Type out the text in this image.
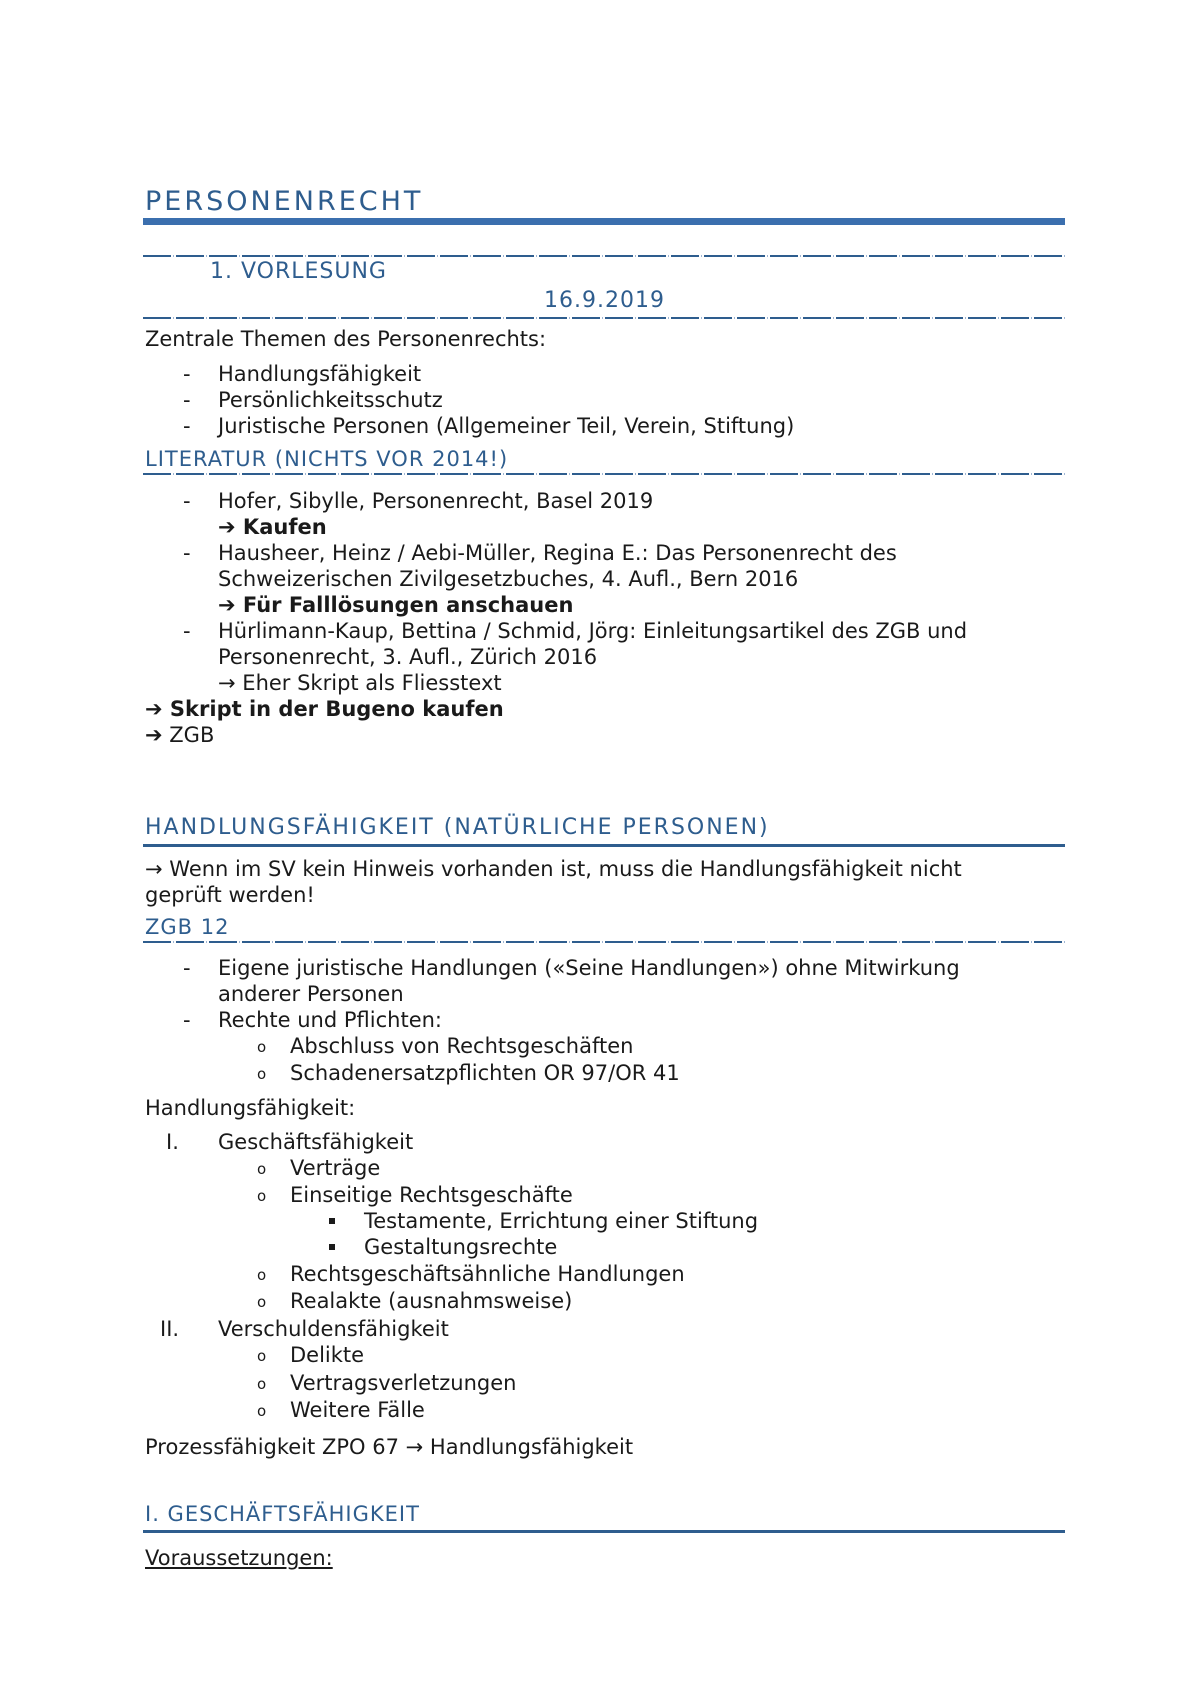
PERSONENRECHT
1. VORLESUNG
16.9.2019
Zentrale Themen des Personenrechts:
- Handlungsfähigkeit
- Persönlichkeitsschutz
- Juristische Personen (Allgemeiner Teil, Verein, Stiftung)
LITERATUR (NICHTS VOR 2014!)
- Hofer, Sibylle, Personenrecht, Basel 2019
➔ Kaufen
- Hausheer, Heinz / Aebi-Müller, Regina E.: Das Personenrecht des
Schweizerischen Zivilgesetzbuches, 4. Aufl., Bern 2016
➔ Für Falllösungen anschauen
- Hürlimann-Kaup, Bettina / Schmid, Jörg: Einleitungsartikel des ZGB und
Personenrecht, 3. Aufl., Zürich 2016
→ Eher Skript als Fliesstext
➔ Skript in der Bugeno kaufen
➔ ZGB
HANDLUNGSFÄHIGKEIT (NATÜRLICHE PERSONEN)
→ Wenn im SV kein Hinweis vorhanden ist, muss die Handlungsfähigkeit nicht
geprüft werden!
ZGB 12
- Eigene juristische Handlungen («Seine Handlungen») ohne Mitwirkung
anderer Personen
- Rechte und Pflichten:
o Abschluss von Rechtsgeschäften
o Schadenersatzpflichten OR 97/OR 41
Handlungsfähigkeit:
I. Geschäftsfähigkeit
o Verträge
o Einseitige Rechtsgeschäfte
Testamente, Errichtung einer Stiftung
Gestaltungsrechte
o Rechtsgeschäftsähnliche Handlungen
o Realakte (ausnahmsweise)
II. Verschuldensfähigkeit
o Delikte
o Vertragsverletzungen
o Weitere Fälle
Prozessfähigkeit ZPO 67 → Handlungsfähigkeit
I. GESCHÄFTSFÄHIGKEIT
Voraussetzungen:
